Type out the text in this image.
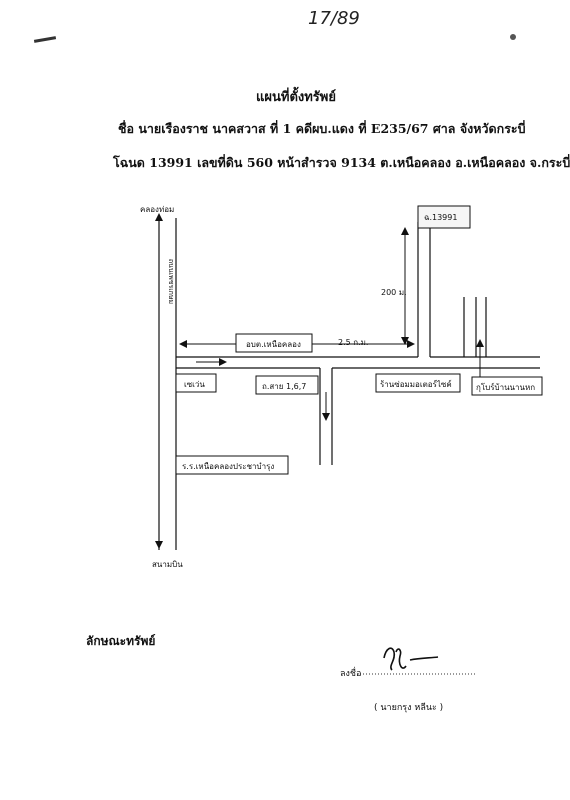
17/89
แผนที่ตั้งทรัพย์
ชื่อ นายเรืองราช นาคสวาส ที่ 1 คดีผบ.แดง ที่ E235/67 ศาล จังหวัดกระบี่
โฉนด 13991 เลขที่ดิน 560 หน้าสำรวจ 9134 ต.เหนือคลอง อ.เหนือคลอง จ.กระบี่
คลองท่อม
สนามบิน
ถนนเพชรเกษม
ฉ.13991
200 ม.
2.5 ก.ม.
อบต.เหนือคลอง
เซเว่น	ถ.สาย 1,6,7	ร้านซ่อมมอเตอร์ไซค์	กุโบร์บ้านนานหก
ร.ร.เหนือคลองประชาบำรุง
ลักษณะทรัพย์
ลงชื่อ
( นายกรุง หลีนะ )
